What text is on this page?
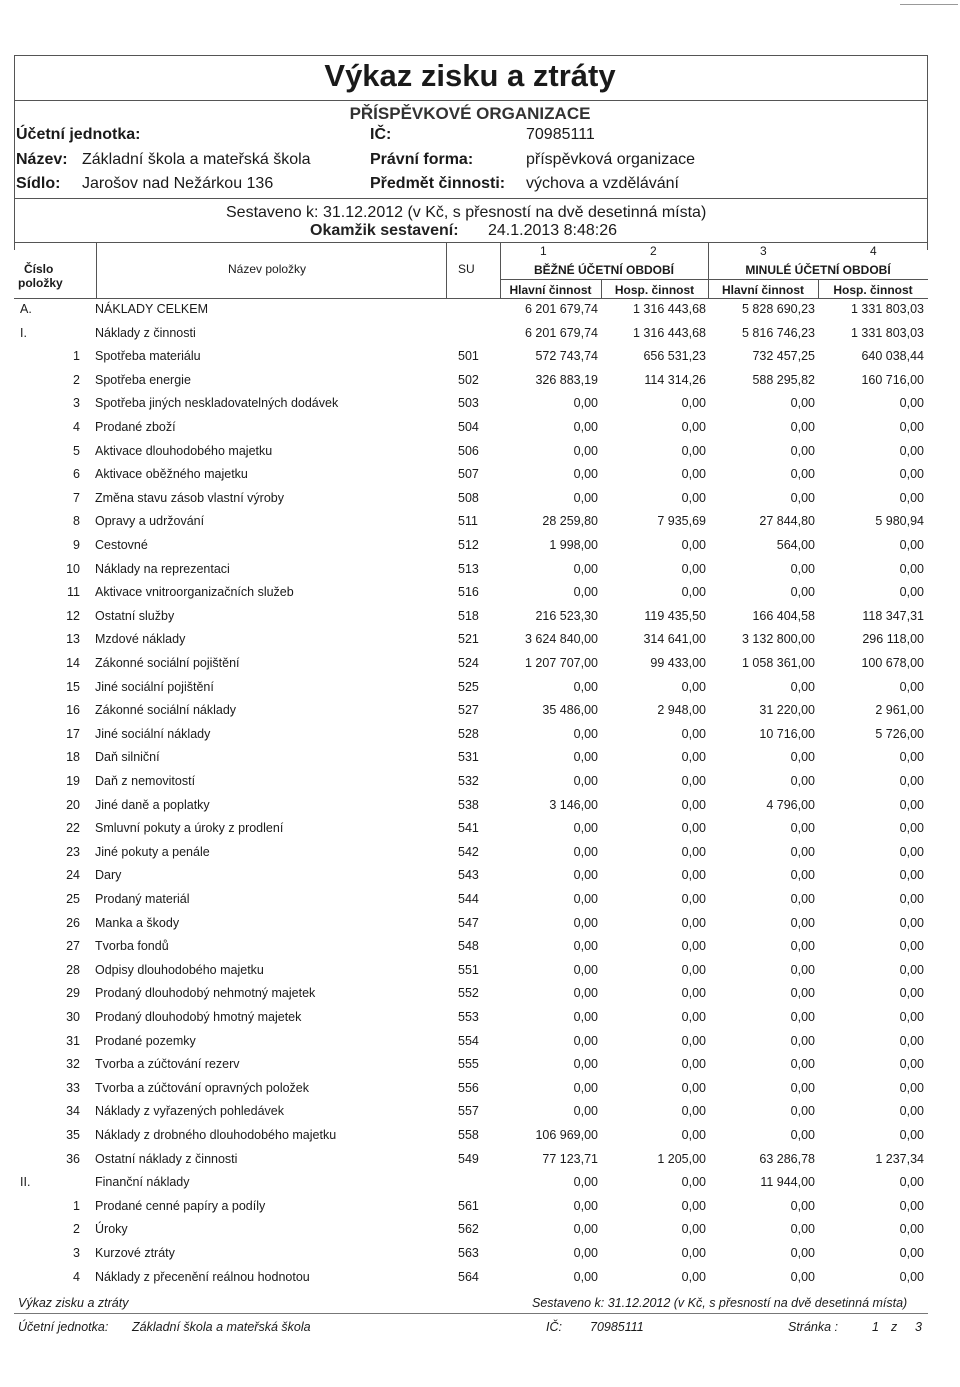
Výkaz zisku a ztráty
PŘÍSPĚVKOVÉ ORGANIZACE
Účetní jednotka:
Název: Základní škola a mateřská škola
Sídlo: Jarošov nad Nežárkou 136
IČ:	70985111
Právní forma:	příspěvková organizace
Předmět činnosti: výchova a vzdělávání
Sestaveno k: 31.12.2012 (v Kč, s přesností na dvě desetinná místa)
Okamžik sestavení: 24.1.2013 8:48:26
1	2	3	4
Číslo
položky
Název položky	SU	BĚŽNÉ ÚČETNÍ OBDOBÍ	MINULÉ ÚČETNÍ OBDOBÍ
Hlavní činnost	Hosp. činnost	Hlavní činnost	Hosp. činnost
A.	NÁKLADY CELKEM	6 201 679,74	1 316 443,68	5 828 690,23	1 331 803,03
I.	Náklady z činnosti	6 201 679,74	1 316 443,68	5 816 746,23	1 331 803,03
1 Spotřeba materiálu	501	572 743,74	656 531,23	732 457,25	640 038,44
2 Spotřeba energie	502	326 883,19	114 314,26	588 295,82	160 716,00
3 Spotřeba jiných neskladovatelných dodávek	503	0,00	0,00	0,00	0,00
4 Prodané zboží	504	0,00	0,00	0,00	0,00
5 Aktivace dlouhodobého majetku	506	0,00	0,00	0,00	0,00
6 Aktivace oběžného majetku	507	0,00	0,00	0,00	0,00
7 Změna stavu zásob vlastní výroby	508	0,00	0,00	0,00	0,00
8 Opravy a udržování	511	28 259,80	7 935,69	27 844,80	5 980,94
9 Cestovné	512	1 998,00	0,00	564,00	0,00
10 Náklady na reprezentaci	513	0,00	0,00	0,00	0,00
11 Aktivace vnitroorganizačních služeb	516	0,00	0,00	0,00	0,00
12 Ostatní služby	518	216 523,30	119 435,50	166 404,58	118 347,31
13 Mzdové náklady	521	3 624 840,00	314 641,00	3 132 800,00	296 118,00
14 Zákonné sociální pojištění	524	1 207 707,00	99 433,00	1 058 361,00	100 678,00
15 Jiné sociální pojištění	525	0,00	0,00	0,00	0,00
16 Zákonné sociální náklady	527	35 486,00	2 948,00	31 220,00	2 961,00
17 Jiné sociální náklady	528	0,00	0,00	10 716,00	5 726,00
18 Daň silniční	531	0,00	0,00	0,00	0,00
19 Daň z nemovitostí	532	0,00	0,00	0,00	0,00
20 Jiné daně a poplatky	538	3 146,00	0,00	4 796,00	0,00
22 Smluvní pokuty a úroky z prodlení	541	0,00	0,00	0,00	0,00
23 Jiné pokuty a penále	542	0,00	0,00	0,00	0,00
24 Dary	543	0,00	0,00	0,00	0,00
25 Prodaný materiál	544	0,00	0,00	0,00	0,00
26 Manka a škody	547	0,00	0,00	0,00	0,00
27 Tvorba fondů	548	0,00	0,00	0,00	0,00
28 Odpisy dlouhodobého majetku	551	0,00	0,00	0,00	0,00
29 Prodaný dlouhodobý nehmotný majetek	552	0,00	0,00	0,00	0,00
30 Prodaný dlouhodobý hmotný majetek	553	0,00	0,00	0,00	0,00
31 Prodané pozemky	554	0,00	0,00	0,00	0,00
32 Tvorba a zúčtování rezerv	555	0,00	0,00	0,00	0,00
33 Tvorba a zúčtování opravných položek	556	0,00	0,00	0,00	0,00
34 Náklady z vyřazených pohledávek	557	0,00	0,00	0,00	0,00
35 Náklady z drobného dlouhodobého majetku	558	106 969,00	0,00	0,00	0,00
36 Ostatní náklady z činnosti	549	77 123,71	1 205,00	63 286,78	1 237,34
II.	Finanční náklady	0,00	0,00	11 944,00	0,00
1 Prodané cenné papíry a podíly	561	0,00	0,00	0,00	0,00
2 Úroky	562	0,00	0,00	0,00	0,00
3 Kurzové ztráty	563	0,00	0,00	0,00	0,00
4 Náklady z přecenění reálnou hodnotou	564	0,00	0,00	0,00	0,00
Výkaz zisku a ztráty	Sestaveno k: 31.12.2012 (v Kč, s přesností na dvě desetinná místa)
Účetní jednotka: Základní škola a mateřská škola	IČ: 70985111	Stránka :	1 z 3
